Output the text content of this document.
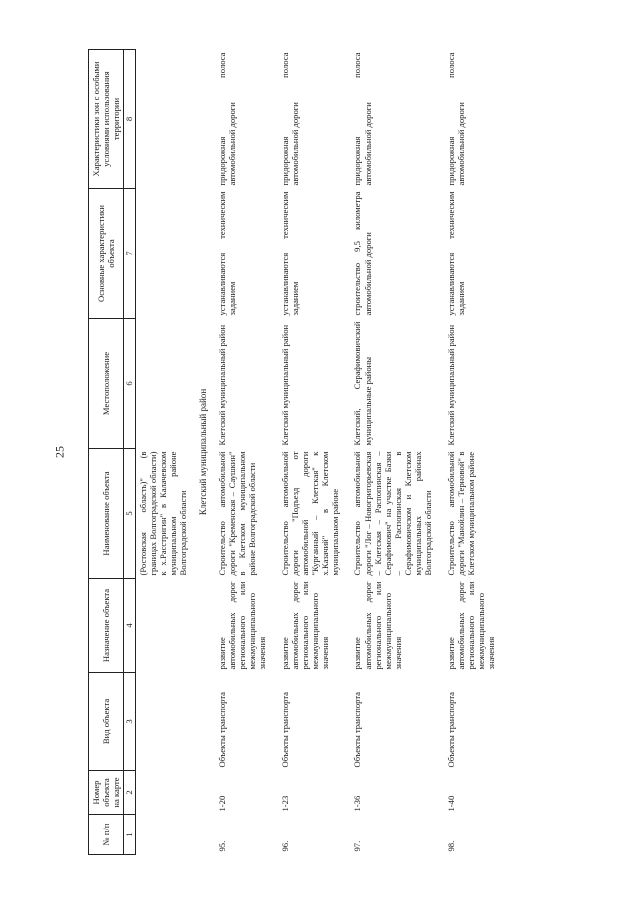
25
№ п/п	Номер объекта на карте	Вид объекта	Назначение объекта	Наименование объекта	Местоположение	Основные характеристики объекта	Характеристики зон с особыми условиями использования территории
1	2	3	4	5	6	7	8
				(Ростовская область)" (в границах Волгоградской области) к х.Расстригин" в Калачевском муниципальном районе Волгоградской области			
Клетский муниципальный район							
95.	1-20	Объекты транспорта	развитие автомобильных дорог регионального или межмуниципального значения	Строительство автомобильной дороги "Кременская – Саушкин" в Клетском муниципальном районе Волгоградской области	Клетский муниципальный район	устанавливаются техническим заданием	придорожная полоса автомобильной дороги
96.	1-23	Объекты транспорта	развитие автомобильных дорог регионального или межмуниципального значения	Строительство автомобильной дороги "Подъезд от автомобильной дороги "Курганный – Клетская" к х.Казачий" в Клетском муниципальном районе	Клетский муниципальный район	устанавливаются техническим заданием	придорожная полоса автомобильной дороги
97.	1-36	Объекты транспорта	развитие автомобильных дорог регионального или межмуниципального значения	Строительство автомобильной дороги "Лог – Новогригорьевская – Клетская – Распопинская – Серафимович" на участке Базки – Распопинская в Серафимовичском и Клетском муниципальных районах Волгоградской области	Клетский, Серафимовичский муниципальные районы	строительство 9,5 километра автомобильной дороги	придорожная полоса автомобильной дороги
98.	1-40	Объекты транспорта	развитие автомобильных дорог регионального или межмуниципального значения	Строительство автомобильной дороги "Манойлин – Терновой" в Клетском муниципальном районе	Клетский муниципальный район	устанавливаются техническим заданием	придорожная полоса автомобильной дороги
